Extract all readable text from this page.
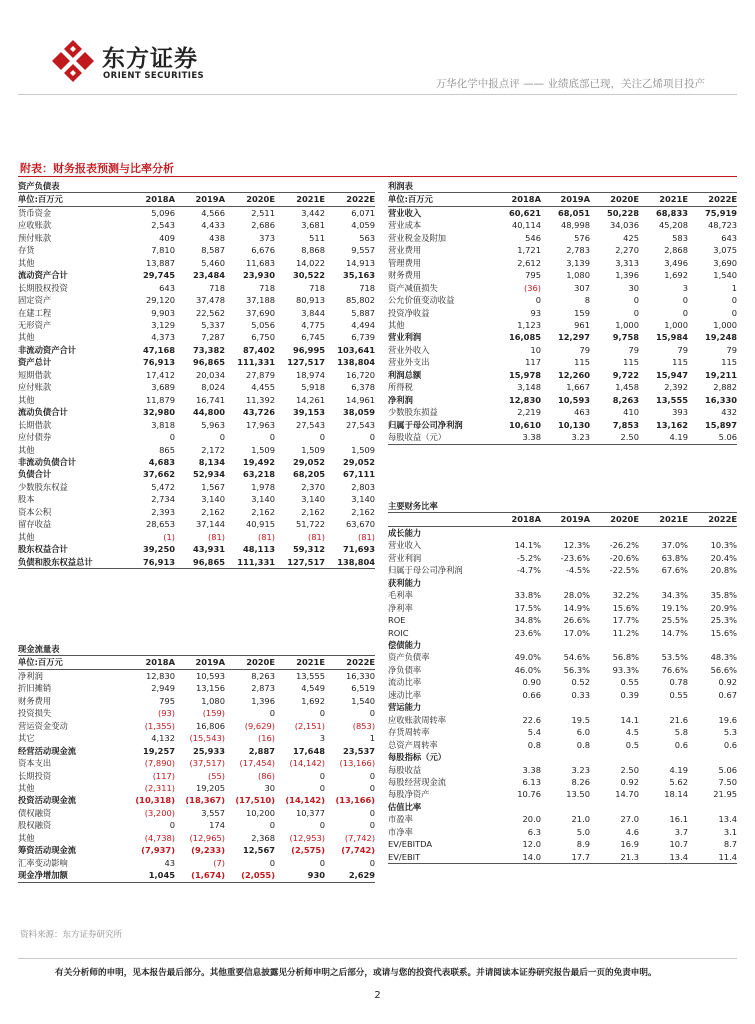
东方证券
ORIENT SECURITIES
万华化学中报点评 —— 业绩底部已现，关注乙烯项目投产
附表：财务报表预测与比率分析
资产负债表					
单位:百万元	2018A	2019A	2020E	2021E	2022E
货币资金	5,096	4,566	2,511	3,442	6,071
应收账款	2,543	4,433	2,686	3,681	4,059
预付账款	409	438	373	511	563
存货	7,810	8,587	6,676	8,868	9,557
其他	13,887	5,460	11,683	14,022	14,913
流动资产合计	29,745	23,484	23,930	30,522	35,163
长期股权投资	643	718	718	718	718
固定资产	29,120	37,478	37,188	80,913	85,802
在建工程	9,903	22,562	37,690	3,844	5,887
无形资产	3,129	5,337	5,056	4,775	4,494
其他	4,373	7,287	6,750	6,745	6,739
非流动资产合计	47,168	73,382	87,402	96,995	103,641
资产总计	76,913	96,865	111,331	127,517	138,804
短期借款	17,412	20,034	27,879	18,974	16,720
应付账款	3,689	8,024	4,455	5,918	6,378
其他	11,879	16,741	11,392	14,261	14,961
流动负债合计	32,980	44,800	43,726	39,153	38,059
长期借款	3,818	5,963	17,963	27,543	27,543
应付债券	0	0	0	0	0
其他	865	2,172	1,509	1,509	1,509
非流动负债合计	4,683	8,134	19,492	29,052	29,052
负债合计	37,662	52,934	63,218	68,205	67,111
少数股东权益	5,472	1,567	1,978	2,370	2,803
股本	2,734	3,140	3,140	3,140	3,140
资本公积	2,393	2,162	2,162	2,162	2,162
留存收益	28,653	37,144	40,915	51,722	63,670
其他	(1)	(81)	(81)	(81)	(81)
股东权益合计	39,250	43,931	48,113	59,312	71,693
负债和股东权益总计	76,913	96,865	111,331	127,517	138,804
现金流量表					
单位:百万元	2018A	2019A	2020E	2021E	2022E
净利润	12,830	10,593	8,263	13,555	16,330
折旧摊销	2,949	13,156	2,873	4,549	6,519
财务费用	795	1,080	1,396	1,692	1,540
投资损失	(93)	(159)	0	0	0
营运资金变动	(1,355)	16,806	(9,629)	(2,151)	(853)
其它	4,132	(15,543)	(16)	3	1
经营活动现金流	19,257	25,933	2,887	17,648	23,537
资本支出	(7,890)	(37,517)	(17,454)	(14,142)	(13,166)
长期投资	(117)	(55)	(86)	0	0
其他	(2,311)	19,205	30	0	0
投资活动现金流	(10,318)	(18,367)	(17,510)	(14,142)	(13,166)
债权融资	(3,200)	3,557	10,200	10,377	0
股权融资	0	174	0	0	0
其他	(4,738)	(12,965)	2,368	(12,953)	(7,742)
筹资活动现金流	(7,937)	(9,233)	12,567	(2,575)	(7,742)
汇率变动影响	43	(7)	0	0	0
现金净增加额	1,045	(1,674)	(2,055)	930	2,629
利润表					
单位:百万元	2018A	2019A	2020E	2021E	2022E
营业收入	60,621	68,051	50,228	68,833	75,919
营业成本	40,114	48,998	34,036	45,208	48,723
营业税金及附加	546	576	425	583	643
营业费用	1,721	2,783	2,270	2,868	3,075
管理费用	2,612	3,139	3,313	3,496	3,690
财务费用	795	1,080	1,396	1,692	1,540
资产减值损失	(36)	307	30	3	1
公允价值变动收益	0	8	0	0	0
投资净收益	93	159	0	0	0
其他	1,123	961	1,000	1,000	1,000
营业利润	16,085	12,297	9,758	15,984	19,248
营业外收入	10	79	79	79	79
营业外支出	117	115	115	115	115
利润总额	15,978	12,260	9,722	15,947	19,211
所得税	3,148	1,667	1,458	2,392	2,882
净利润	12,830	10,593	8,263	13,555	16,330
少数股东损益	2,219	463	410	393	432
归属于母公司净利润	10,610	10,130	7,853	13,162	15,897
每股收益（元）	3.38	3.23	2.50	4.19	5.06
主要财务比率					
	2018A	2019A	2020E	2021E	2022E
成长能力					
营业收入	14.1%	12.3%	-26.2%	37.0%	10.3%
营业利润	-5.2%	-23.6%	-20.6%	63.8%	20.4%
归属于母公司净利润	-4.7%	-4.5%	-22.5%	67.6%	20.8%
获利能力					
毛利率	33.8%	28.0%	32.2%	34.3%	35.8%
净利率	17.5%	14.9%	15.6%	19.1%	20.9%
ROE	34.8%	26.6%	17.7%	25.5%	25.3%
ROIC	23.6%	17.0%	11.2%	14.7%	15.6%
偿债能力					
资产负债率	49.0%	54.6%	56.8%	53.5%	48.3%
净负债率	46.0%	56.3%	93.3%	76.6%	56.6%
流动比率	0.90	0.52	0.55	0.78	0.92
速动比率	0.66	0.33	0.39	0.55	0.67
营运能力					
应收账款周转率	22.6	19.5	14.1	21.6	19.6
存货周转率	5.4	6.0	4.5	5.8	5.3
总资产周转率	0.8	0.8	0.5	0.6	0.6
每股指标（元）					
每股收益	3.38	3.23	2.50	4.19	5.06
每股经营现金流	6.13	8.26	0.92	5.62	7.50
每股净资产	10.76	13.50	14.70	18.14	21.95
估值比率					
市盈率	20.0	21.0	27.0	16.1	13.4
市净率	6.3	5.0	4.6	3.7	3.1
EV/EBITDA	12.0	8.9	16.9	10.7	8.7
EV/EBIT	14.0	17.7	21.3	13.4	11.4
资料来源：东方证券研究所
有关分析师的申明，见本报告最后部分。其他重要信息披露见分析师申明之后部分，或请与您的投资代表联系。并请阅读本证券研究报告最后一页的免责申明。
2
